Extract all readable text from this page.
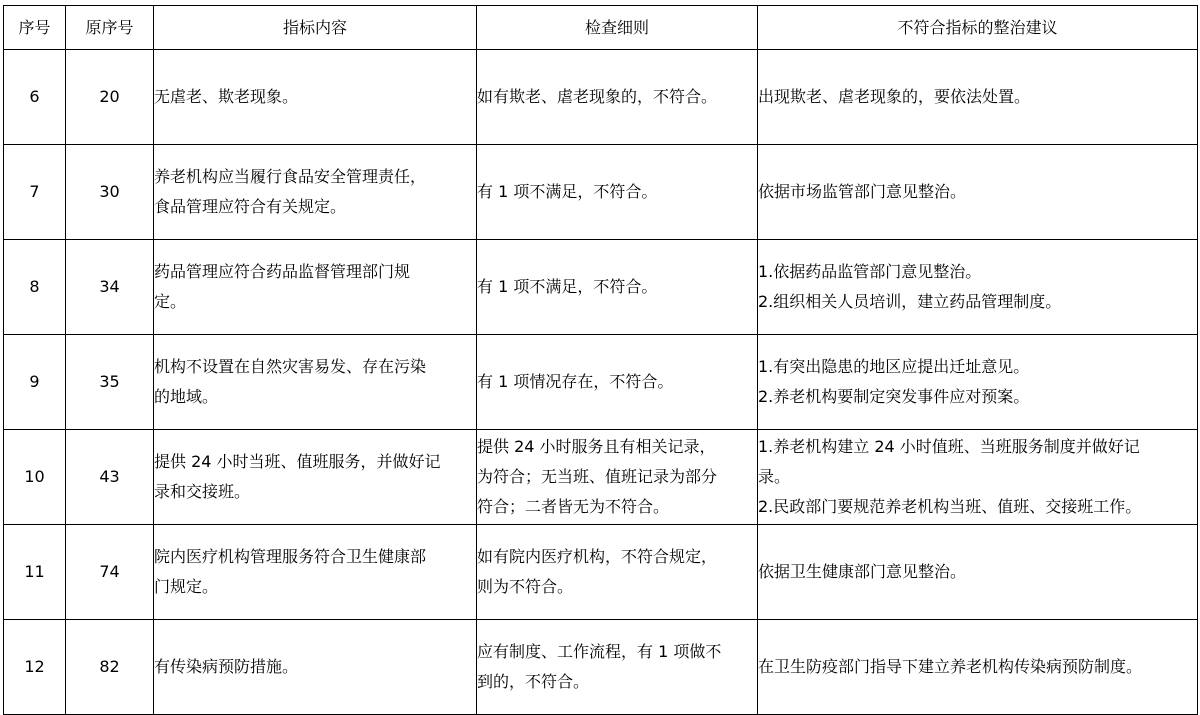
序号	原序号	指标内容	检查细则	不符合指标的整治建议
6	20	无虐老、欺老现象。	如有欺老、虐老现象的，不符合。	出现欺老、虐老现象的，要依法处置。

7	30	养老机构应当履行食品安全管理责任，
食品管理应符合有关规定。	有 1 项不满足，不符合。	依据市场监管部门意见整治。

8	34	药品管理应符合药品监督管理部门规
定。	有 1 项不满足，不符合。	1.依据药品监管部门意见整治。
2.组织相关人员培训，建立药品管理制度。

9	35	机构不设置在自然灾害易发、存在污染
的地域。	有 1 项情况存在，不符合。	1.有突出隐患的地区应提出迁址意见。
2.养老机构要制定突发事件应对预案。

10	43	提供 24 小时当班、值班服务，并做好记
录和交接班。	提供 24 小时服务且有相关记录，
为符合；无当班、值班记录为部分
符合；二者皆无为不符合。	1.养老机构建立 24 小时值班、当班服务制度并做好记
录。
2.民政部门要规范养老机构当班、值班、交接班工作。

11	74	院内医疗机构管理服务符合卫生健康部
门规定。	如有院内医疗机构，不符合规定，
则为不符合。	依据卫生健康部门意见整治。

12	82	有传染病预防措施。	应有制度、工作流程，有 1 项做不
到的，不符合。	在卫生防疫部门指导下建立养老机构传染病预防制度。
